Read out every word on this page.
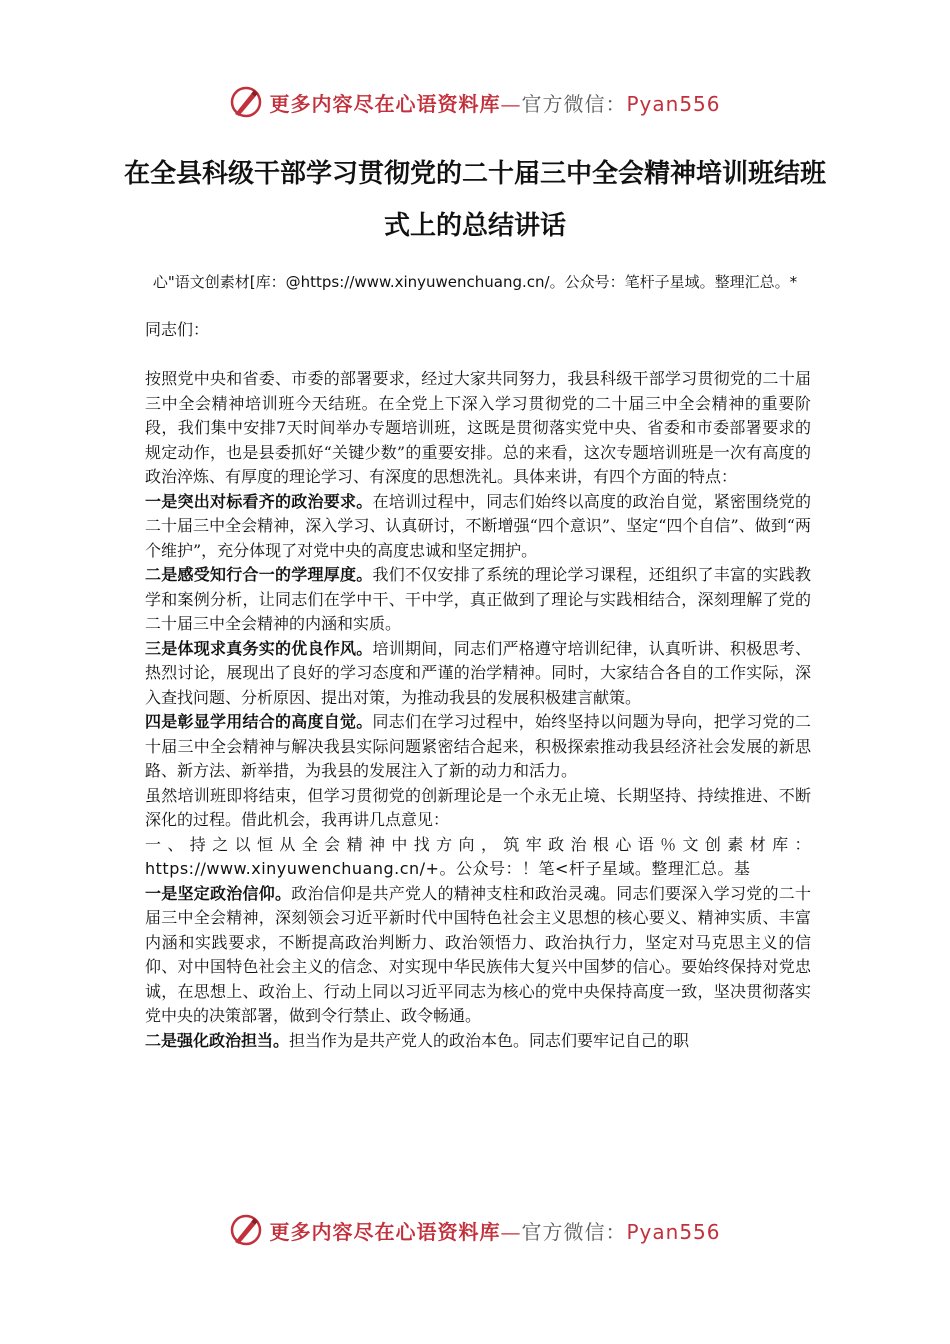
更多内容尽在心语资料库—官方微信：Pyan556
在全县科级干部学习贯彻党的二十届三中全会精神培训班结班式上的总结讲话

心"语文创素材[库：@https://www.xinyuwenchuang.cn/。公众号：笔杆子星域。整理汇总。*

同志们：

按照党中央和省委、市委的部署要求，经过大家共同努力，我县科级干部学习贯彻党的二十届三中全会精神培训班今天结班。在全党上下深入学习贯彻党的二十届三中全会精神的重要阶段，我们集中安排7天时间举办专题培训班，这既是贯彻落实党中央、省委和市委部署要求的规定动作，也是县委抓好“关键少数”的重要安排。总的来看，这次专题培训班是一次有高度的政治淬炼、有厚度的理论学习、有深度的思想洗礼。具体来讲，有四个方面的特点：

一是突出对标看齐的政治要求。在培训过程中，同志们始终以高度的政治自觉，紧密围绕党的二十届三中全会精神，深入学习、认真研讨，不断增强“四个意识”、坚定“四个自信”、做到“两个维护”，充分体现了对党中央的高度忠诚和坚定拥护。

二是感受知行合一的学理厚度。我们不仅安排了系统的理论学习课程，还组织了丰富的实践教学和案例分析，让同志们在学中干、干中学，真正做到了理论与实践相结合，深刻理解了党的二十届三中全会精神的内涵和实质。

三是体现求真务实的优良作风。培训期间，同志们严格遵守培训纪律，认真听讲、积极思考、热烈讨论，展现出了良好的学习态度和严谨的治学精神。同时，大家结合各自的工作实际，深入查找问题、分析原因、提出对策，为推动我县的发展积极建言献策。

四是彰显学用结合的高度自觉。同志们在学习过程中，始终坚持以问题为导向，把学习党的二十届三中全会精神与解决我县实际问题紧密结合起来，积极探索推动我县经济社会发展的新思路、新方法、新举措，为我县的发展注入了新的动力和活力。

虽然培训班即将结束，但学习贯彻党的创新理论是一个永无止境、长期坚持、持续推进、不断深化的过程。借此机会，我再讲几点意见：

一、持之以恒从全会精神中找方向，筑牢政治根心语％文创素材库：https://www.xinyuwenchuang.cn/+。公众号：！笔<杆子星域。整理汇总。基

一是坚定政治信仰。政治信仰是共产党人的精神支柱和政治灵魂。同志们要深入学习党的二十届三中全会精神，深刻领会习近平新时代中国特色社会主义思想的核心要义、精神实质、丰富内涵和实践要求，不断提高政治判断力、政治领悟力、政治执行力，坚定对马克思主义的信仰、对中国特色社会主义的信念、对实现中华民族伟大复兴中国梦的信心。要始终保持对党忠诚，在思想上、政治上、行动上同以习近平同志为核心的党中央保持高度一致，坚决贯彻落实党中央的决策部署，做到令行禁止、政令畅通。

二是强化政治担当。担当作为是共产党人的政治本色。同志们要牢记自己的职

更多内容尽在心语资料库—官方微信：Pyan556
